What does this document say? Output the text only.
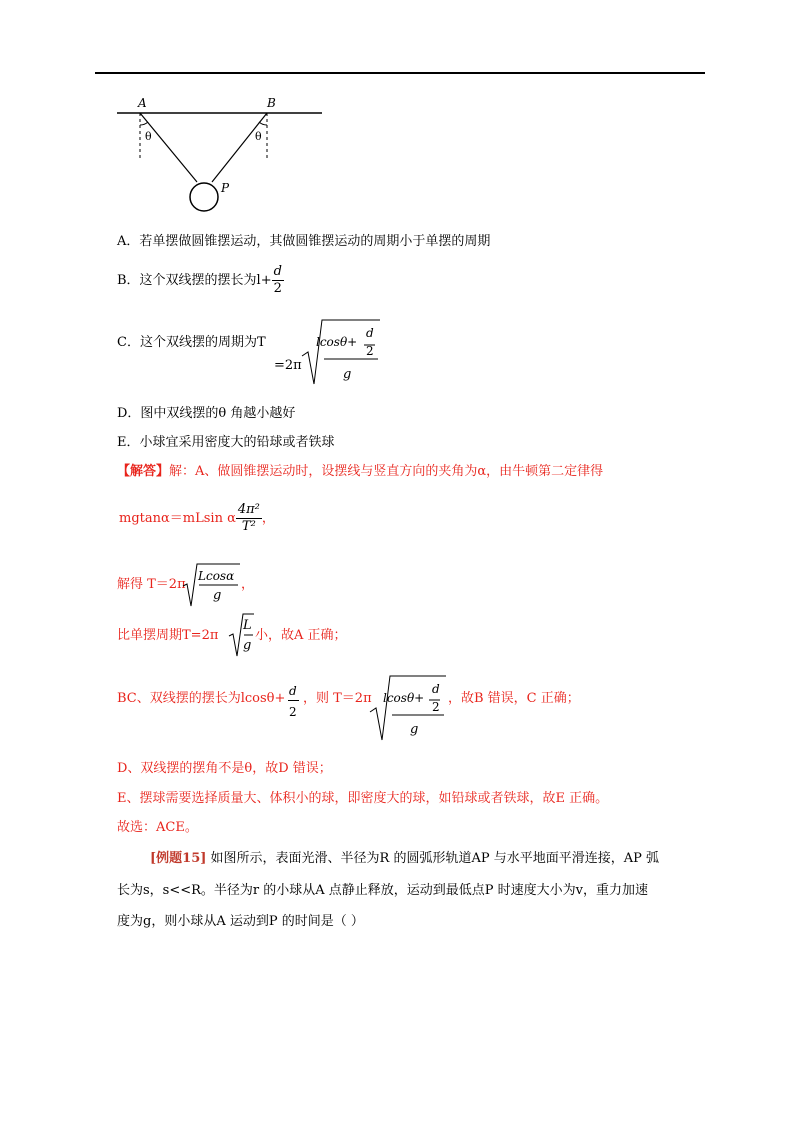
A	B
θ	θ
P
A．若单摆做圆锥摆运动，其做圆锥摆运动的周期小于单摆的周期
B．这个双线摆的摆长为$l+ \frac{d}{2}$
C．这个双线摆的周期为T
=2π
lcosθ+
d
2
g
D．图中双线摆的θ 角越小越好
E．小球宜采用密度大的铅球或者铁球
【解答】解：A、做圆锥摆运动时，设摆线与竖直方向的夹角为α，由牛顿第二定律得
mgtanα＝mLsin α $\frac{\text{4π²}}{\text{T²}}$ ，
解得 T＝2π
Lcosα
g
，
比单摆周期T=2π
L
g
小，故A 正确；
BC、双线摆的摆长为lcosθ+ d
2
，则 T＝2π lcosθ+
d
2
g
，故B 错误，C 正确；
D、双线摆的摆角不是θ，故D 错误；
E、摆球需要选择质量大、体积小的球，即密度大的球，如铅球或者铁球，故E 正确。
故选：ACE。
[例题15] 如图所示，表面光滑、半径为R 的圆弧形轨道AP 与水平地面平滑连接，AP 弧
长为s，s<<R。半径为r 的小球从A 点静止释放，运动到最低点P 时速度大小为v，重力加速
度为g，则小球从A 运动到P 的时间是（ ）
